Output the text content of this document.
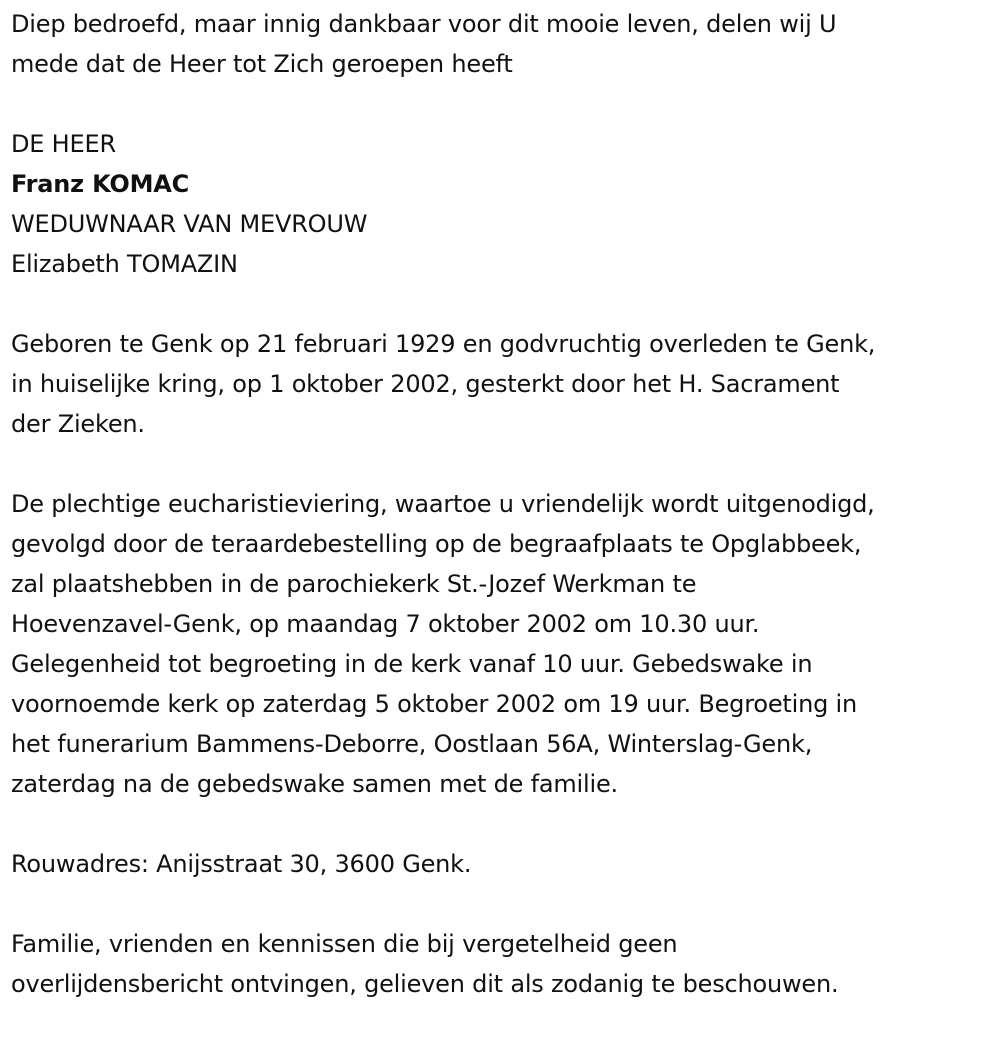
Diep bedroefd, maar innig dankbaar voor dit mooie leven, delen wij U
mede dat de Heer tot Zich geroepen heeft
DE HEER
Franz KOMAC
WEDUWNAAR VAN MEVROUW
Elizabeth TOMAZIN
Geboren te Genk op 21 februari 1929 en godvruchtig overleden te Genk,
in huiselijke kring, op 1 oktober 2002, gesterkt door het H. Sacrament
der Zieken.
De plechtige eucharistieviering, waartoe u vriendelijk wordt uitgenodigd,
gevolgd door de teraardebestelling op de begraafplaats te Opglabbeek,
zal plaatshebben in de parochiekerk St.-Jozef Werkman te
Hoevenzavel-Genk, op maandag 7 oktober 2002 om 10.30 uur.
Gelegenheid tot begroeting in de kerk vanaf 10 uur. Gebedswake in
voornoemde kerk op zaterdag 5 oktober 2002 om 19 uur. Begroeting in
het funerarium Bammens-Deborre, Oostlaan 56A, Winterslag-Genk,
zaterdag na de gebedswake samen met de familie.
Rouwadres: Anijsstraat 30, 3600 Genk.
Familie, vrienden en kennissen die bij vergetelheid geen
overlijdensbericht ontvingen, gelieven dit als zodanig te beschouwen.
